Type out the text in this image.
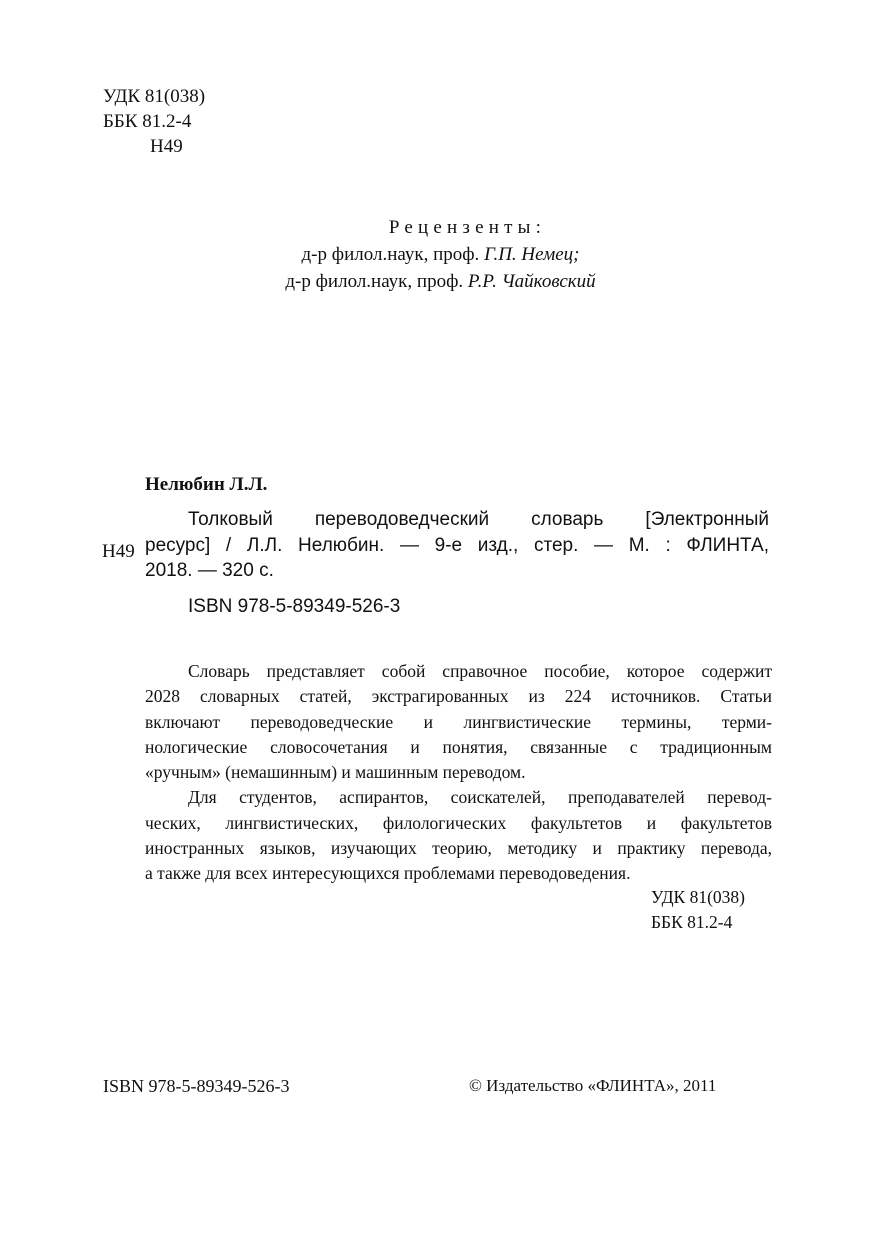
УДК 81(038)
ББК 81.2-4
Н49
Рецензенты:
д-р филол.наук, проф. Г.П. Немец;
д-р филол.наук, проф. Р.Р. Чайковский
Нелюбин Л.Л.
Н49
Толковый переводоведческий словарь [Электронный
ресурс] / Л.Л. Нелюбин. — 9-е изд., стер. — М. : ФЛИНТА,
2018. — 320 с.
ISBN 978-5-89349-526-3
Словарь представляет собой справочное пособие, которое содержит
2028 словарных статей, экстрагированных из 224 источников. Статьи
включают переводоведческие и лингвистические термины, терми-
нологические словосочетания и понятия, связанные с традиционным
«ручным» (немашинным) и машинным переводом.
Для студентов, аспирантов, соискателей, преподавателей перевод-
ческих, лингвистических, филологических факультетов и факультетов
иностранных языков, изучающих теорию, методику и практику перевода,
а также для всех интересующихся проблемами переводоведения.
УДК 81(038)
ББК 81.2-4
ISBN 978-5-89349-526-3	© Издательство «ФЛИНТА», 2011
